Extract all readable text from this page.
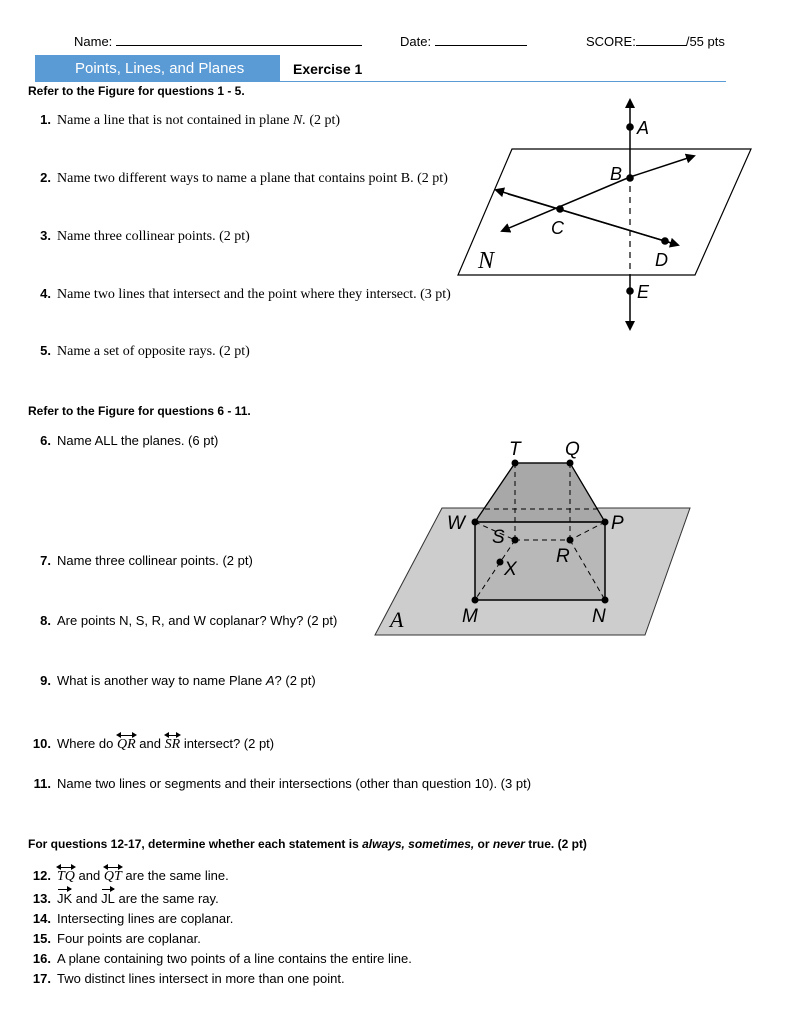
Name:	Date:	SCORE:	/55 pts
Points, Lines, and Planes	Exercise 1
Refer to the Figure for questions 1 - 5.
1. Name a line that is not contained in plane N. (2 pt)
2. Name two different ways to name a plane that contains point B. (2 pt)
3. Name three collinear points. (2 pt)
4. Name two lines that intersect and the point where they intersect. (3 pt)
5. Name a set of opposite rays. (2 pt)
A
B
C
D
E
N
Refer to the Figure for questions 6 - 11.
6. Name ALL the planes. (6 pt)
7. Name three collinear points. (2 pt)
8. Are points N, S, R, and W coplanar? Why? (2 pt)
9. What is another way to name Plane A? (2 pt)
10. Where do QR and SR intersect? (2 pt)
11. Name two lines or segments and their intersections (other than question 10). (3 pt)
T Q
W	P
S
R
X
M	N
A
For questions 12-17, determine whether each statement is always, sometimes, or never true. (2 pt)
12. TQ and QT are the same line.
13. JK and JL are the same ray.
14. Intersecting lines are coplanar.
15. Four points are coplanar.
16. A plane containing two points of a line contains the entire line.
17. Two distinct lines intersect in more than one point.
